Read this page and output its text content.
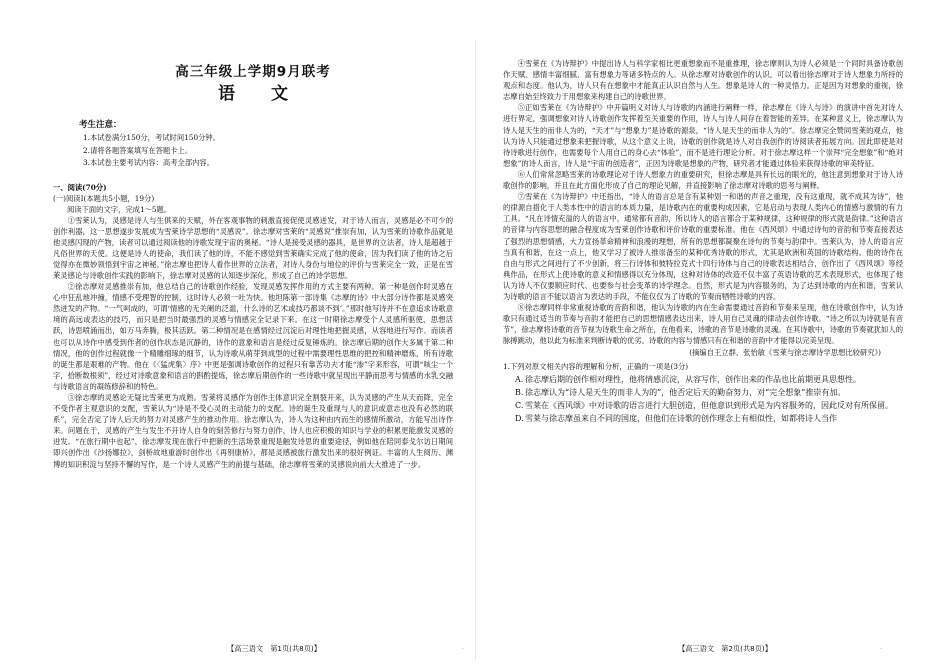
高三年级上学期9月联考
语文
考生注意：
1.本试卷满分150分，考试时间150分钟。
2.请将各题答案填写在答题卡上。
3.本试卷主要考试内容：高考全部内容。
一、阅读(70分)
(一)阅读Ⅰ(本题共5小题，19分)
阅读下面的文字，完成1～5题。
①雪莱认为，灵感是诗人与生俱来的天赋，外在客观事物的刺激直接促使灵感迸发，对于诗人而言，灵感是必不可少的创作利器，这一思想遂步发展成为雪莱诗学思想的“灵感说”。徐志摩对雪莱的“灵感说”推崇有加，认为雪莱的诗歌作品就是他灵感闪现的产物，读者可以通过阅读他的诗歌发现宇宙的奥秘。“诗人是接受灵感的器具，是世界的立法者，诗人是超越于凡俗世界的天使。这便是诗人的使命，我们读了他的诗，不能不感觉到雪莱确实完成了他的使命，因为我们读了他的诗之后觉得亦在微妙领悟到宇宙之神秘。”徐志摩也把诗人看作世界的立法者，对诗人身份与地位的评价与雪莱完全一致，正是在雪莱灵感论与诗歌创作实践的影响下，徐志摩对灵感的认知逐步深化，形成了自己的诗学思想。
②徐志摩对灵感推崇有加，他总结自己的诗歌创作经验，发现灵感发挥作用的方式主要有两种。第一种是创作时灵感在心中狂乱地冲撞，情感不受理智的控制，这时诗人必须一吐为快。他坦陈第一部诗集《志摩的诗》中大部分诗作都是灵感突然迸发的产物。“一气呵成的，可谓‘情感的无关阑的泛滥，什么诗的艺术或技巧都谈不到’。”那时他写诗并不在意追求诗歌意境的高远或表达的技巧，而只是把当时最强烈的灵感与情感完全记录下来。在这一时期徐志摩受个人灵感所驱使，思想活跃，诗思喷涌而出，如万马奔腾，极其活跃。第二种情况是在感情经过沉淀后对理性地把握灵感，从容地进行写作。而读者也可以从诗作中感受到作者的创作状态是沉静的，诗作的意象和语言是经过反复锤炼的。徐志摩后期的创作大多属于第二种情况，他的创作过程就像一个精雕细琢的细节，认为诗歌从萌芽到成型的过程中需要理性思维的把控和精神磨炼，所有诗歌的诞生都是艰难的产物。他在《〈猛虎集〉序》中更是强调诗歌创作的过程只有靠苦功夫才能“渗”字来形容，可谓“咳尘一个字，拾断数根须”，经过对诗歌意象和语言的斟酌提炼，徐志摩后期创作的一些诗歌中就呈现出平静而思考与情感的水乳交融与诗歌语言的凝练修辞和的特色。
③徐志摩的灵感论无疑比雪莱更为成熟。雪莱将灵感作为创作主体意识完全割裂开来，认为灵感的产生从天而降，完全不受作者主观意识的支配，雪莱认为“诗是不受心灵的主动能力的支配。诗的诞生及重现与人的意识或意志也没有必然的联系”，完全否定了诗人后天的努力对灵感产生的推动作用。徐志摩认为，诗人为这种由内而生的感情所激动，方能写出诗作来。问题在于，灵感的产生与发生不开诗人自身的刻苦修行与努力创作，诗人也应积极的知识与学业的积累更能激发灵感的迸发。“在旅行期中也起”，徐志摩发现在旅行中把新的生活场景重现是触发诗思的重要途径，例如他在陪同泰戈尔访日期间即兴创作出《沙扬娜拉》，剑桥故地重游时创作出《再别康桥》，都是灵感被旅行激发出来的很好例证。丰富的人生阅历、渊博的知识积淀与坚持不懈的写作，是一个诗人灵感产生的前提与基础，徐志摩将雪莱的灵感说向前大大推进了一步。
④雪莱在《为诗辩护》中提出诗人与科学家相比更重想象而不是重推理，徐志摩则认为诗人必须是一个同时具备诗歌创作天赋、感情丰富细腻、富有想象力等诸多特点的人。从徐志摩对诗歌创作的认识，可以看出徐志摩对于诗人想象力所持的观点和态度。他认为，诗人只有在想象中才能真正认识自然与人生。想象是诗人的一种灵悟力。正是因为对想象的重视，徐志摩自始至终致力于用想象来构建自己的诗歌世界。
⑤正如雪莱在《为诗辩护》中开篇明义对诗人与诗歌的内涵进行阐释一样，徐志摩在《诗人与诗》的演讲中首先对诗人进行界定，强调想象对诗人诗歌创作发挥着至关重要的作用，诗人与诗人间存在着智能的差异。在某种意义上，徐志摩认为诗人是天生的而非人为的，“天才”与“想象力”是诗歌的源泉，“诗人是天生的而非人为的”。徐志摩完全赞同雪莱的观点，他认为诗人只能通过想象来把握诗歌，从这个意义上说，诗歌的创作就是诗人对自我创作的诗阅读者拓展方向。因此即使是对待诗歌进行创作，也需要每个人用自己的身心去“体验”，而不是进行理论分析。对于徐志摩这样一个崇拜“完全想象”和“绝对想象”的诗人而言，诗人是“宇宙的创造者”，正因为诗歌是想象的产物，研究者才能通过体验来获得诗歌的审美特征。
⑥人们常常忽略雪莱的诗歌理论对于诗人想象力的重要研究，但徐志摩是具有长远的眼光的，他注意到想象对于诗人诗歌创作的影响，并且在此方面化形成了自己的理论见解，并直接影响了徐志摩对诗歌的思考与阐释。
⑦雪莱在《为诗辩护》中还指出，“诗人的语言总是含有某种划一和谐的声音之重现，没有这重现，就不成其为诗”，他的律源自措化于人类本性中的语言的本质力量，是诗歌内在的重要构成因素，它是启动与表现人类内心的情感与激情的有力工具。“凡在诗情充溢的人的语言中，通常都有音韵，所以诗人的语言都合于某种规律，这种规律的形式就是韵律。”这种语言的音律与内容思想的融合程度成为雪莱创作诗歌和评价诗歌的重要标准。他在《西风颂》中通过诗句的音韵和节奏直接表达了强烈的思想情感，大力宣扬革命精神和浪漫的理想，所有的思想都凝聚在诗句的节奏与韵律中。雪莱认为，诗人的语言应当真有和谐，在这一点上，他又学习了被诗人推崇备至的某种优秀诗歌的形式，尤其是欧洲和英国的诗歌结构。他的诗作在自由与形式之间进行了不少创新，将三行诗体和彼特拉克式十四行诗体与自己的诗歌表达相结合，创作出了《西风颂》等经典作品，在形式上使诗歌的意义和情感得以充分体现，这种对诗体的改造不仅丰富了英语诗歌的艺术表现形式，也体现了他认为诗人不仅要顺应时代、也要参与社会变革的诗学理念。自然，形式是为内容服务的，为了达到诗歌的内在和谐，雪莱认为诗歌的语言不能以语言为表达的手段，不能仅仅为了诗歌的节奏而牺牲诗歌的内容。
⑧徐志摩同样非常重视诗歌的音韵和谐，他认为诗歌的内在生命需要通过音韵和节奏来呈现，他在诗歌创作中，认为诗歌只有通过适当的节奏与音韵才能把自己的思想情感表达出来，诗人用自己灵魂的律动去创作诗歌。“诗之所以为诗就是有音节”，徐志摩将诗歌的音节视为诗歌生命之所在，在他看来，诗歌的音节是诗歌的灵魂。在其诗歌中，诗歌的节奏就犹如人的脉搏跳动，他以此为标准来判断诗歌的优劣。诗歌的内容与情感只有在和谐的音韵中才能得以完美呈现。
(摘编自王立群、张怡敏《雪莱与徐志摩诗学思想比较研究》)
1.下列对原文相关内容的理解和分析，正确的一项是(3分)
A. 徐志摩后期的创作相对理性，他将情感沉淀，从容写作，创作出来的作品也比前期更具思想性。
B. 徐志摩认为“诗人是天生的而非人为的”，他否定后天的勤奋努力，对“完全想象”推崇有加。
C. 雪莱在《西风颂》中对诗歌的语言进行大胆创造，但他意识到形式是为内容服务的，因此反对有所保留。
D.雪莱与徐志摩虽来自不同的国度，但他们在诗歌的创作理念上有相似性，如都将诗人当作
【高三语文　第1页(共8页)】	【高三语文　第2页(共8页)】
·	·
